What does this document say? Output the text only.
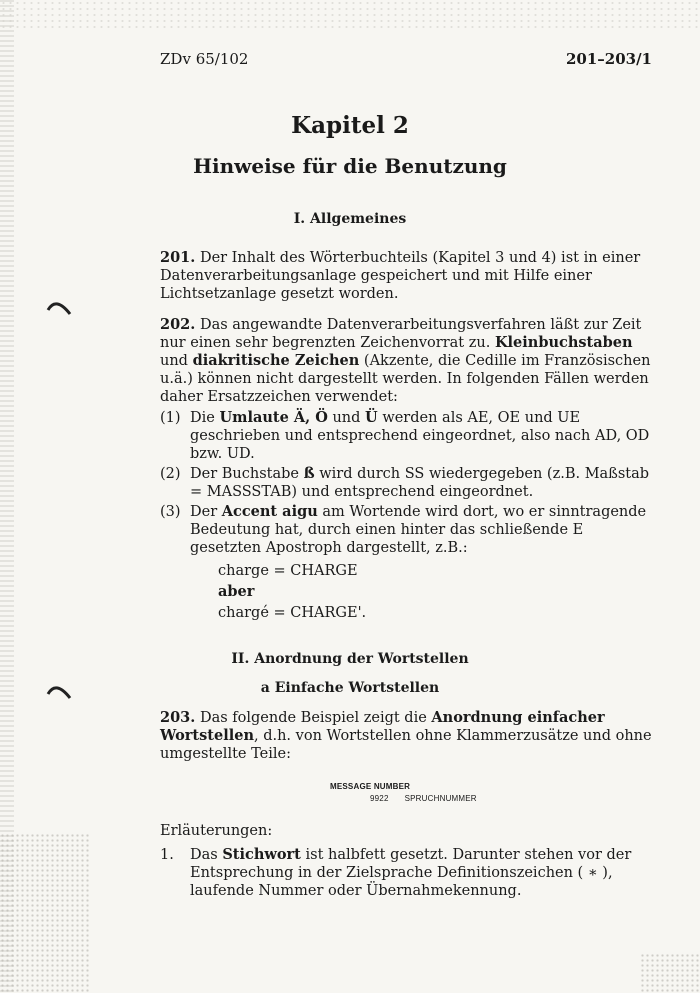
ZDv 65/102	201–203/1
Kapitel 2
Hinweise für die Benutzung
I. Allgemeines
201. Der Inhalt des Wörterbuchteils (Kapitel 3 und 4) ist in einer Datenverarbeitungsanlage gespeichert und mit Hilfe einer Lichtsetzanlage gesetzt worden.
202. Das angewandte Datenverarbeitungsverfahren läßt zur Zeit nur einen sehr begrenzten Zeichenvorrat zu. Kleinbuchstaben und diakritische Zeichen (Akzente, die Cedille im Französischen u.ä.) können nicht dargestellt werden. In folgenden Fällen werden daher Ersatzzeichen verwendet:
(1) Die Umlaute Ä, Ö und Ü werden als AE, OE und UE geschrieben und entsprechend eingeordnet, also nach AD, OD bzw. UD.
(2) Der Buchstabe ß wird durch SS wiedergegeben (z.B. Maßstab = MASSSTAB) und entsprechend eingeordnet.
(3) Der Accent aigu am Wortende wird dort, wo er sinntragende Bedeutung hat, durch einen hinter das schließende E gesetzten Apostroph dargestellt, z.B.:
charge = CHARGE
aber
chargé = CHARGE'.
II. Anordnung der Wortstellen
a Einfache Wortstellen
203. Das folgende Beispiel zeigt die Anordnung einfacher Wortstellen, d.h. von Wortstellen ohne Klammerzusätze und ohne umgestellte Teile:
MESSAGE NUMBER
9922 SPRUCHNUMMER
Erläuterungen:
1. Das Stichwort ist halbfett gesetzt. Darunter stehen vor der Entsprechung in der Zielsprache Definitionszeichen ( ∗ ), laufende Nummer oder Übernahmekennung.
